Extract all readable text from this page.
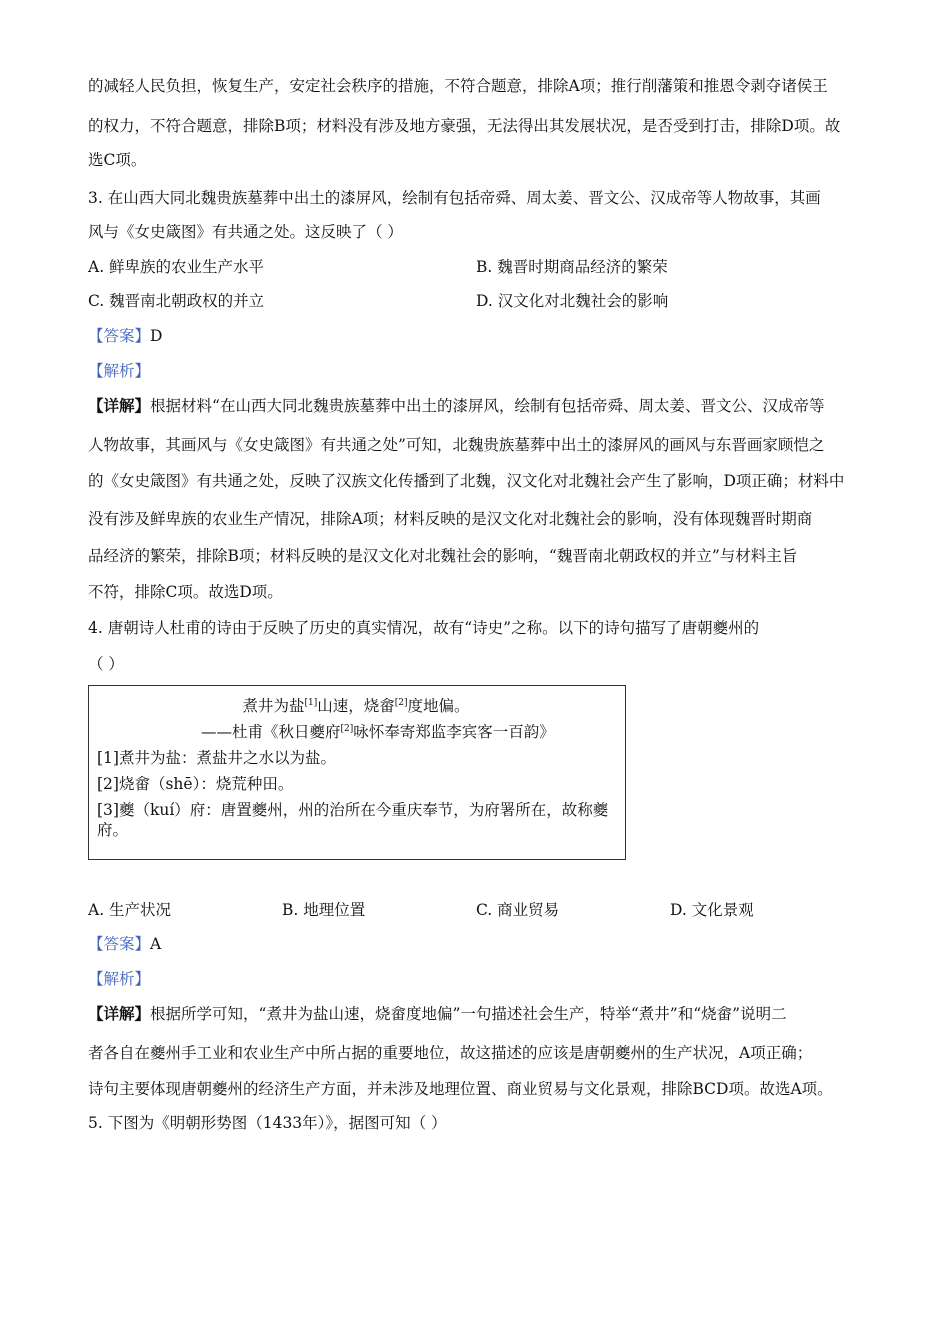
的减轻人民负担，恢复生产，安定社会秩序的措施，不符合题意，排除A项；推行削藩策和推恩令剥夺诸侯王
的权力，不符合题意，排除B项；材料没有涉及地方豪强，无法得出其发展状况，是否受到打击，排除D项。故
选C项。
3. 在山西大同北魏贵族墓葬中出土的漆屏风，绘制有包括帝舜、周太姜、晋文公、汉成帝等人物故事，其画
风与《女史箴图》有共通之处。这反映了（ ）
A. 鲜卑族的农业生产水平	B. 魏晋时期商品经济的繁荣
C. 魏晋南北朝政权的并立	D. 汉文化对北魏社会的影响
【答案】D
【解析】
【详解】根据材料“在山西大同北魏贵族墓葬中出土的漆屏风，绘制有包括帝舜、周太姜、晋文公、汉成帝等
人物故事，其画风与《女史箴图》有共通之处”可知，北魏贵族墓葬中出土的漆屏风的画风与东晋画家顾恺之
的《女史箴图》有共通之处，反映了汉族文化传播到了北魏，汉文化对北魏社会产生了影响，D项正确；材料中
没有涉及鲜卑族的农业生产情况，排除A项；材料反映的是汉文化对北魏社会的影响，没有体现魏晋时期商
品经济的繁荣，排除B项；材料反映的是汉文化对北魏社会的影响，“魏晋南北朝政权的并立”与材料主旨
不符，排除C项。故选D项。
4. 唐朝诗人杜甫的诗由于反映了历史的真实情况，故有“诗史”之称。以下的诗句描写了唐朝夔州的
（ ）
煮井为盐[1]山速，烧畲[2]度地偏。
——杜甫《秋日夔府[2]咏怀奉寄郑监李宾客一百韵》
[1]煮井为盐：煮盐井之水以为盐。
[2]烧畲（shē）：烧荒种田。
[3]夔（kuí）府：唐置夔州，州的治所在今重庆奉节，为府署所在，故称夔
府。
A. 生产状况	B. 地理位置	C. 商业贸易	D. 文化景观
【答案】A
【解析】
【详解】根据所学可知，“煮井为盐山速，烧畲度地偏”一句描述社会生产，特举“煮井”和“烧畲”说明二
者各自在夔州手工业和农业生产中所占据的重要地位，故这描述的应该是唐朝夔州的生产状况，A项正确；
诗句主要体现唐朝夔州的经济生产方面，并未涉及地理位置、商业贸易与文化景观，排除BCD项。故选A项。
5. 下图为《明朝形势图（1433年）》，据图可知（ ）
